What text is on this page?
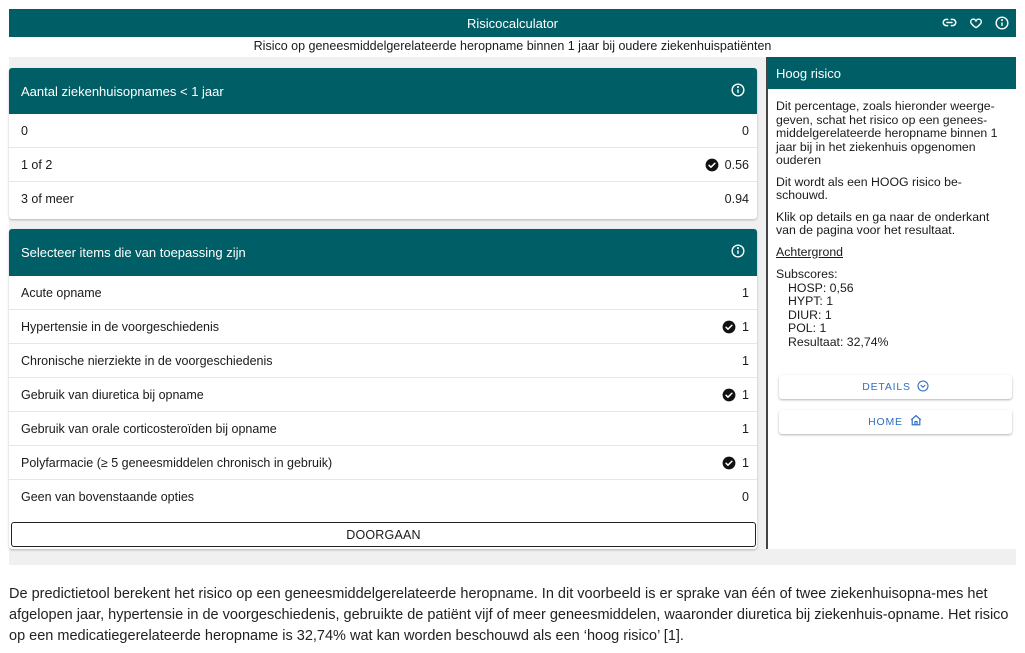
Risicocalculator
Risico op geneesmiddelgerelateerde heropname binnen 1 jaar bij oudere ziekenhuispatiënten
Aantal ziekenhuisopnames < 1 jaar
0	0
1 of 2	0.56
3 of meer	0.94
Selecteer items die van toepassing zijn
Acute opname	1
Hypertensie in de voorgeschiedenis	1
Chronische nierziekte in de voorgeschiedenis	1
Gebruik van diuretica bij opname	1
Gebruik van orale corticosteroïden bij opname	1
Polyfarmacie (≥ 5 geneesmiddelen chronisch in gebruik)	1
Geen van bovenstaande opties	0
DOORGAAN
Hoog risico

Dit percentage, zoals hieronder weerge-geven, schat het risico op een genees-middelgerelateerde heropname binnen 1 jaar bij in het ziekenhuis opgenomen ouderen

Dit wordt als een HOOG risico be-schouwd.

Klik op details en ga naar de onderkant van de pagina voor het resultaat.

Achtergrond
Subscores:
HOSP: 0,56
HYPT: 1
DIUR: 1
POL: 1
Resultaat: 32,74%
DETAILS
HOME
De predictietool berekent het risico op een geneesmiddelgerelateerde heropname. In dit voorbeeld is er sprake van één of twee ziekenhuisopna-mes het afgelopen jaar, hypertensie in de voorgeschiedenis, gebruikte de patiënt vijf of meer geneesmiddelen, waaronder diuretica bij ziekenhuis-opname. Het risico op een medicatiegerelateerde heropname is 32,74% wat kan worden beschouwd als een ‘hoog risico’ [1].
